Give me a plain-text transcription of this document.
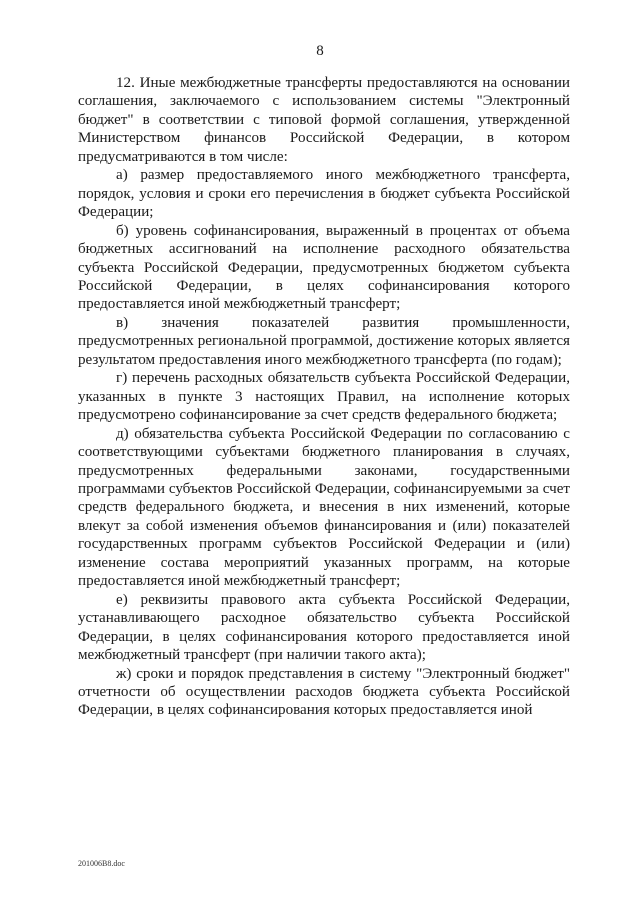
8

12. Иные межбюджетные трансферты предоставляются на основании соглашения, заключаемого с использованием системы "Электронный бюджет" в соответствии с типовой формой соглашения, утвержденной Министерством финансов Российской Федерации, в котором предусматриваются в том числе:

а) размер предоставляемого иного межбюджетного трансферта, порядок, условия и сроки его перечисления в бюджет субъекта Российской Федерации;

б) уровень софинансирования, выраженный в процентах от объема бюджетных ассигнований на исполнение расходного обязательства субъекта Российской Федерации, предусмотренных бюджетом субъекта Российской Федерации, в целях софинансирования которого предоставляется иной межбюджетный трансферт;

в) значения показателей развития промышленности, предусмотренных региональной программой, достижение которых является результатом предоставления иного межбюджетного трансферта (по годам);

г) перечень расходных обязательств субъекта Российской Федерации, указанных в пункте 3 настоящих Правил, на исполнение которых предусмотрено софинансирование за счет средств федерального бюджета;

д) обязательства субъекта Российской Федерации по согласованию с соответствующими субъектами бюджетного планирования в случаях, предусмотренных федеральными законами, государственными программами субъектов Российской Федерации, софинансируемыми за счет средств федерального бюджета, и внесения в них изменений, которые влекут за собой изменения объемов финансирования и (или) показателей государственных программ субъектов Российской Федерации и (или) изменение состава мероприятий указанных программ, на которые предоставляется иной межбюджетный трансферт;

е) реквизиты правового акта субъекта Российской Федерации, устанавливающего расходное обязательство субъекта Российской Федерации, в целях софинансирования которого предоставляется иной межбюджетный трансферт (при наличии такого акта);

ж) сроки и порядок представления в систему "Электронный бюджет" отчетности об осуществлении расходов бюджета субъекта Российской Федерации, в целях софинансирования которых предоставляется иной

201006В8.doc
